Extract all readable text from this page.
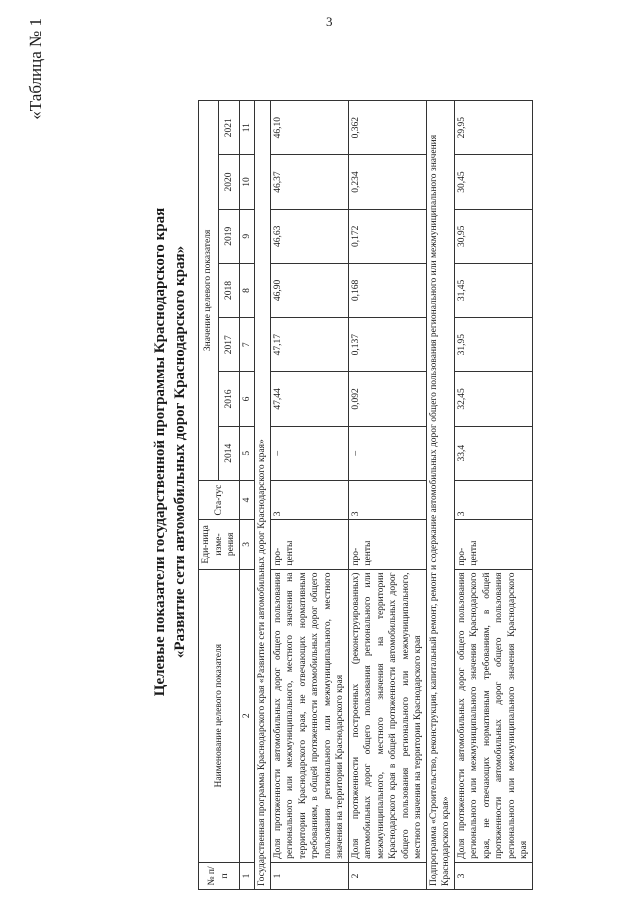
3
«Таблица № 1
Целевые показатели государственной программы Краснодарского края «Развитие сети автомобильных дорог Краснодарского края»
№ п/п	Наименование целевого показателя	Еди-ница изме-рения	Ста-тус	Значение целевого показателя						
				2014	2016	2017	2018	2019	2020	2021
1	2	3	4	5	6	7	8	9	10	11
Государственная программа Краснодарского края «Развитие сети автомобильных дорог Краснодарского края»										
1	Доля протяженности автомобильных дорог общего пользования регионального или межмуниципального, местного значения на территории Краснодарского края, не отвечающих нормативным требованиям, в общей протяженности автомобильных дорог общего пользования регионального или межмуниципального, местного значения на территории Краснодарского края	про-центы	3	–	47,44	47,17	46,90	46,63	46,37	46,10
2	Доля протяженности построенных (реконструированных) автомобильных дорог общего пользования регионального или межмуниципального, местного значения на территории Краснодарского края в общей протяженности автомобильных дорог общего пользования регионального или межмуниципального, местного значения на территории Краснодарского края	про-центы	3	–	0,092	0,137	0,168	0,172	0,234	0,362
Подпрограмма «Строительство, реконструкция, капитальный ремонт, ремонт и содержание автомобильных дорог общего пользования регионального или межмуниципального значения Краснодарского края»										
3	Доля протяженности автомобильных дорог общего пользования регионального или межмуниципального значения Краснодарского края, не отвечающих нормативным требованиям, в общей протяженности автомобильных дорог общего пользования регионального или межмуниципального значения Краснодарского края	про-центы	3	33,4	32,45	31,95	31,45	30,95	30,45	29,95
